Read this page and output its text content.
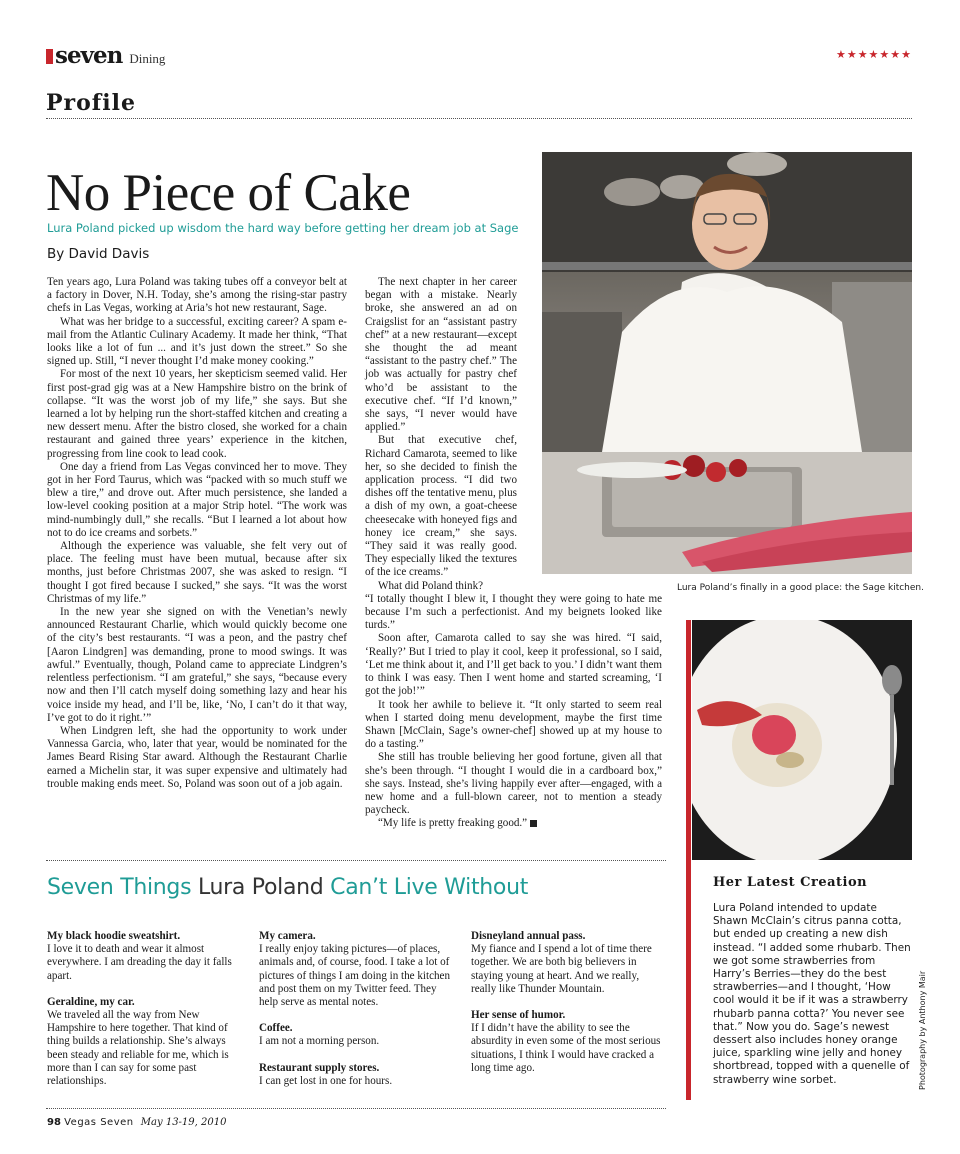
seven Dining	★★★★★★★
Profile
No Piece of Cake
Lura Poland picked up wisdom the hard way before getting her dream job at Sage
By David Davis

Ten years ago, Lura Poland was taking tubes off a conveyor belt at a factory in Dover, N.H. Today, she’s among the rising-star pastry chefs in Las Vegas, working at Aria’s hot new restaurant, Sage.

What was her bridge to a successful, exciting career? A spam e-mail from the Atlantic Culinary Academy. It made her think, “That looks like a lot of fun ... and it’s just down the street.” So she signed up. Still, “I never thought I’d make money cooking.”

For most of the next 10 years, her skepticism seemed valid. Her first post-grad gig was at a New Hampshire bistro on the brink of collapse. “It was the worst job of my life,” she says. But she learned a lot by helping run the short-staffed kitchen and creating a new dessert menu. After the bistro closed, she worked for a chain restaurant and gained three years’ experience in the kitchen, progressing from line cook to lead cook.

One day a friend from Las Vegas convinced her to move. They got in her Ford Taurus, which was “packed with so much stuff we blew a tire,” and drove out. After much persistence, she landed a low-level cooking position at a major Strip hotel. “The work was mind-numbingly dull,” she recalls. “But I learned a lot about how not to do ice creams and sorbets.”

Although the experience was valuable, she felt very out of place. The feeling must have been mutual, because after six months, just before Christmas 2007, she was asked to resign. “I thought I got fired because I sucked,” she says. “It was the worst Christmas of my life.”

In the new year she signed on with the Venetian’s newly announced Restaurant Charlie, which would quickly become one of the city’s best restaurants. “I was a peon, and the pastry chef [Aaron Lindgren] was demanding, prone to mood swings. It was awful.” Eventually, though, Poland came to appreciate Lindgren’s relentless perfectionism. “I am grateful,” she says, “because every now and then I’ll catch myself doing something lazy and hear his voice inside my head, and I’ll be, like, ‘No, I can’t do it that way, I’ve got to do it right.’”

When Lindgren left, she had the opportunity to work under Vannessa Garcia, who, later that year, would be nominated for the James Beard Rising Star award. Although the Restaurant Charlie earned a Michelin star, it was super expensive and ultimately had trouble making ends meet. So, Poland was soon out of a job again.

The next chapter in her career began with a mistake. Nearly broke, she answered an ad on Craigslist for an “assistant pastry chef” at a new restaurant—except she thought the ad meant “assistant to the pastry chef.” The job was actually for pastry chef who’d be assistant to the executive chef. “If I’d known,” she says, “I never would have applied.”

But that executive chef, Richard Camarota, seemed to like her, so she decided to finish the application process. “I did two dishes off the tentative menu, plus a dish of my own, a goat-cheese cheesecake with honeyed figs and honey ice cream,” she says. “They said it was really good. They especially liked the textures of the ice creams.”

What did Poland think?

“I totally thought I blew it, I thought they were going to hate me because I’m such a perfectionist. And my beignets looked like turds.”

Soon after, Camarota called to say she was hired. “I said, ‘Really?’ But I tried to play it cool, keep it professional, so I said, ‘Let me think about it, and I’ll get back to you.’ I didn’t want them to think I was easy. Then I went home and started screaming, ‘I got the job!’”

It took her awhile to believe it. “It only started to seem real when I started doing menu development, maybe the first time Shawn [McClain, Sage’s owner-chef] showed up at my house to do a tasting.”

She still has trouble believing her good fortune, given all that she’s been through. “I thought I would die in a cardboard box,” she says. Instead, she’s living happily ever after—engaged, with a new home and a full-blown career, not to mention a steady paycheck.

“My life is pretty freaking good.”	7

Lura Poland’s finally in a good place: the Sage kitchen.
Photography by Anthony Mair
Her Latest Creation
Lura Poland intended to update Shawn McClain’s citrus panna cotta, but ended up creating a new dish instead. “I added some rhubarb. Then we got some strawberries from Harry’s Berries—they do the best strawberries—and I thought, ‘How cool would it be if it was a strawberry rhubarb panna cotta?’ You never see that.” Now you do. Sage’s newest dessert also includes honey orange juice, sparkling wine jelly and honey shortbread, topped with a quenelle of strawberry wine sorbet.
Seven Things Lura Poland Can’t Live Without
My black hoodie sweatshirt.
I love it to death and wear it almost everywhere. I am dreading the day it falls apart.
Geraldine, my car.
We traveled all the way from New Hampshire to here together. That kind of thing builds a relationship. She’s always been steady and reliable for me, which is more than I can say for some past relationships.
My camera.
I really enjoy taking pictures—of places, animals and, of course, food. I take a lot of pictures of things I am doing in the kitchen and post them on my Twitter feed. They help serve as mental notes.
Coffee.
I am not a morning person.
Restaurant supply stores.
I can get lost in one for hours.
Disneyland annual pass.
My fiance and I spend a lot of time there together. We are both big believers in staying young at heart. And we really, really like Thunder Mountain.
Her sense of humor.
If I didn’t have the ability to see the absurdity in even some of the most serious situations, I think I would have cracked a long time ago.
98 Vegas Seven May 13-19, 2010
